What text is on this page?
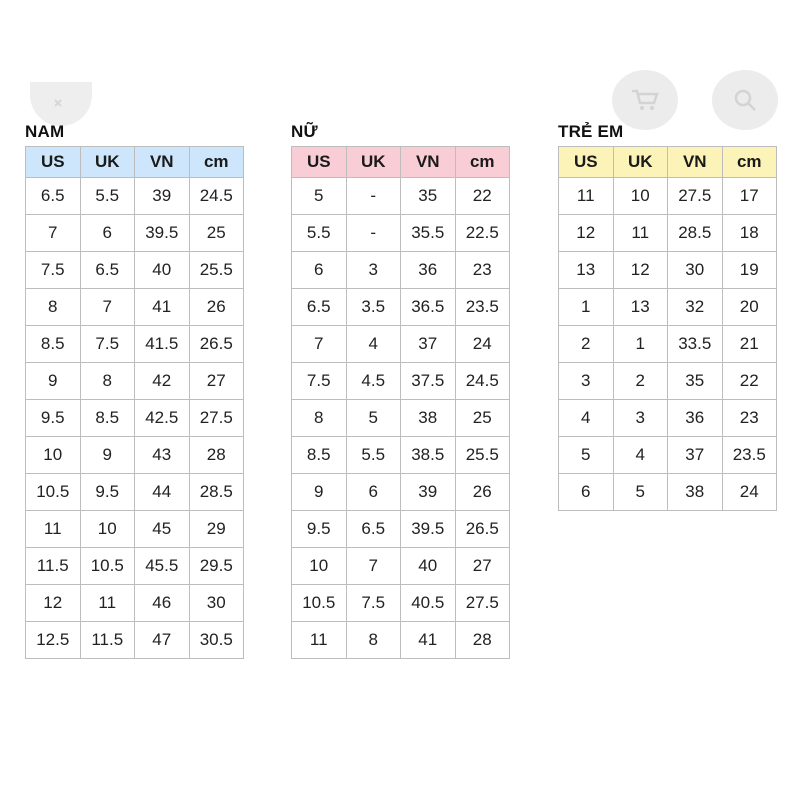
NAM
US	UK	VN	cm
6.5	5.5	39	24.5
7	6	39.5	25
7.5	6.5	40	25.5
8	7	41	26
8.5	7.5	41.5	26.5
9	8	42	27
9.5	8.5	42.5	27.5
10	9	43	28
10.5	9.5	44	28.5
11	10	45	29
11.5	10.5	45.5	29.5
12	11	46	30
12.5	11.5	47	30.5
NỮ
US	UK	VN	cm
5	-	35	22
5.5	-	35.5	22.5
6	3	36	23
6.5	3.5	36.5	23.5
7	4	37	24
7.5	4.5	37.5	24.5
8	5	38	25
8.5	5.5	38.5	25.5
9	6	39	26
9.5	6.5	39.5	26.5
10	7	40	27
10.5	7.5	40.5	27.5
11	8	41	28
TRẺ EM
US	UK	VN	cm
11	10	27.5	17
12	11	28.5	18
13	12	30	19
1	13	32	20
2	1	33.5	21
3	2	35	22
4	3	36	23
5	4	37	23.5
6	5	38	24
